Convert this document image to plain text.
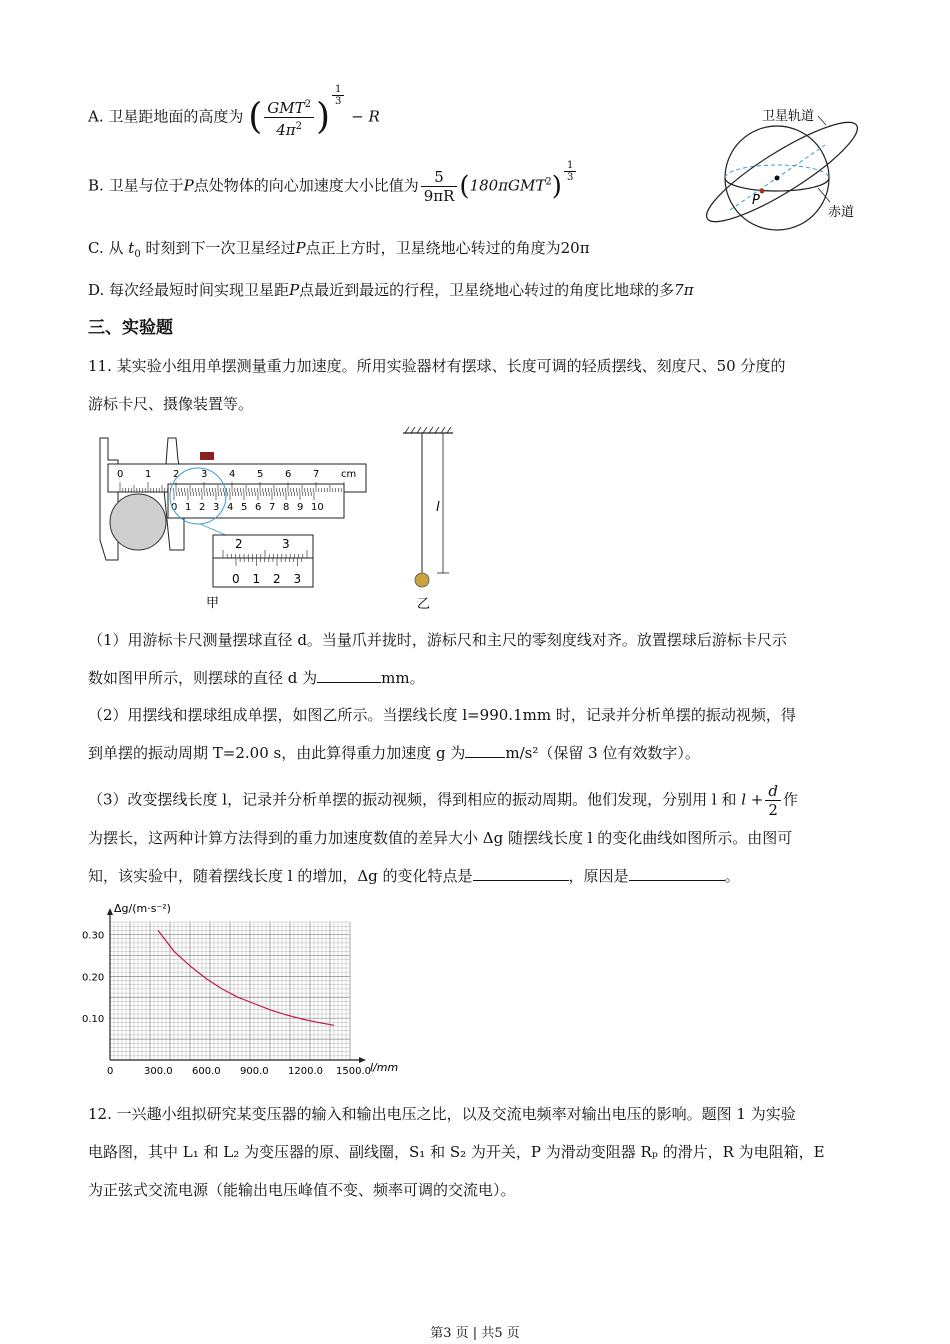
A. 卫星距地面的高度为 ( $\frac{GMT^2}{4\pi^2}$ )
$\frac{1}{3}$
− R
B. 卫星与位于P点处物体的向心加速度大小比值为 $\frac{5}{9\pi R} (180\pi GMT^2) \frac{1}{3}$
C. 从 $t_0$ 时刻到下一次卫星经过P点正上方时，卫星绕地心转过的角度为20π
D. 每次经最短时间实现卫星距P点最近到最远的行程，卫星绕地心转过的角度比地球的多7π
P
卫星轨道
赤道
三、实验题
11. 某实验小组用单摆测量重力加速度。所用实验器材有摆球、长度可调的轻质摆线、刻度尺、50 分度的
游标卡尺、摄像装置等。
0 1 2 3 4 5 6 7 cm
0 1 2 3 4 5 6 7 8 9 10
2	3
0 1 2 3
甲
l
乙
（1）用游标卡尺测量摆球直径 d。当量爪并拢时，游标尺和主尺的零刻度线对齐。放置摆球后游标卡尺示
数如图甲所示，则摆球的直径 d 为	mm。
（2）用摆线和摆球组成单摆，如图乙所示。当摆线长度 l=990.1mm 时，记录并分析单摆的振动视频，得
到单摆的振动周期 T=2.00 s，由此算得重力加速度 g 为	m/s²（保留 3 位有效数字）。
（3）改变摆线长度 l，记录并分析单摆的振动视频，得到相应的振动周期。他们发现，分别用 l 和 $l + \frac{d}{2}$ 作
为摆长，这两种计算方法得到的重力加速度数值的差异大小 Δg 随摆线长度 l 的变化曲线如图所示。由图可
知，该实验中，随着摆线长度 l 的增加，Δg 的变化特点是	，原因是	。
0	300.0 600.0 900.0 1200.0 1500.0
0.10
0.20
0.30
Δg/(m·s⁻²)
l/mm
12. 一兴趣小组拟研究某变压器的输入和输出电压之比，以及交流电频率对输出电压的影响。题图 1 为实验
电路图，其中 L₁ 和 L₂ 为变压器的原、副线圈，S₁ 和 S₂ 为开关，P 为滑动变阻器 Rₚ 的滑片，R 为电阻箱，E
为正弦式交流电源（能输出电压峰值不变、频率可调的交流电）。
第3 页 | 共5 页
